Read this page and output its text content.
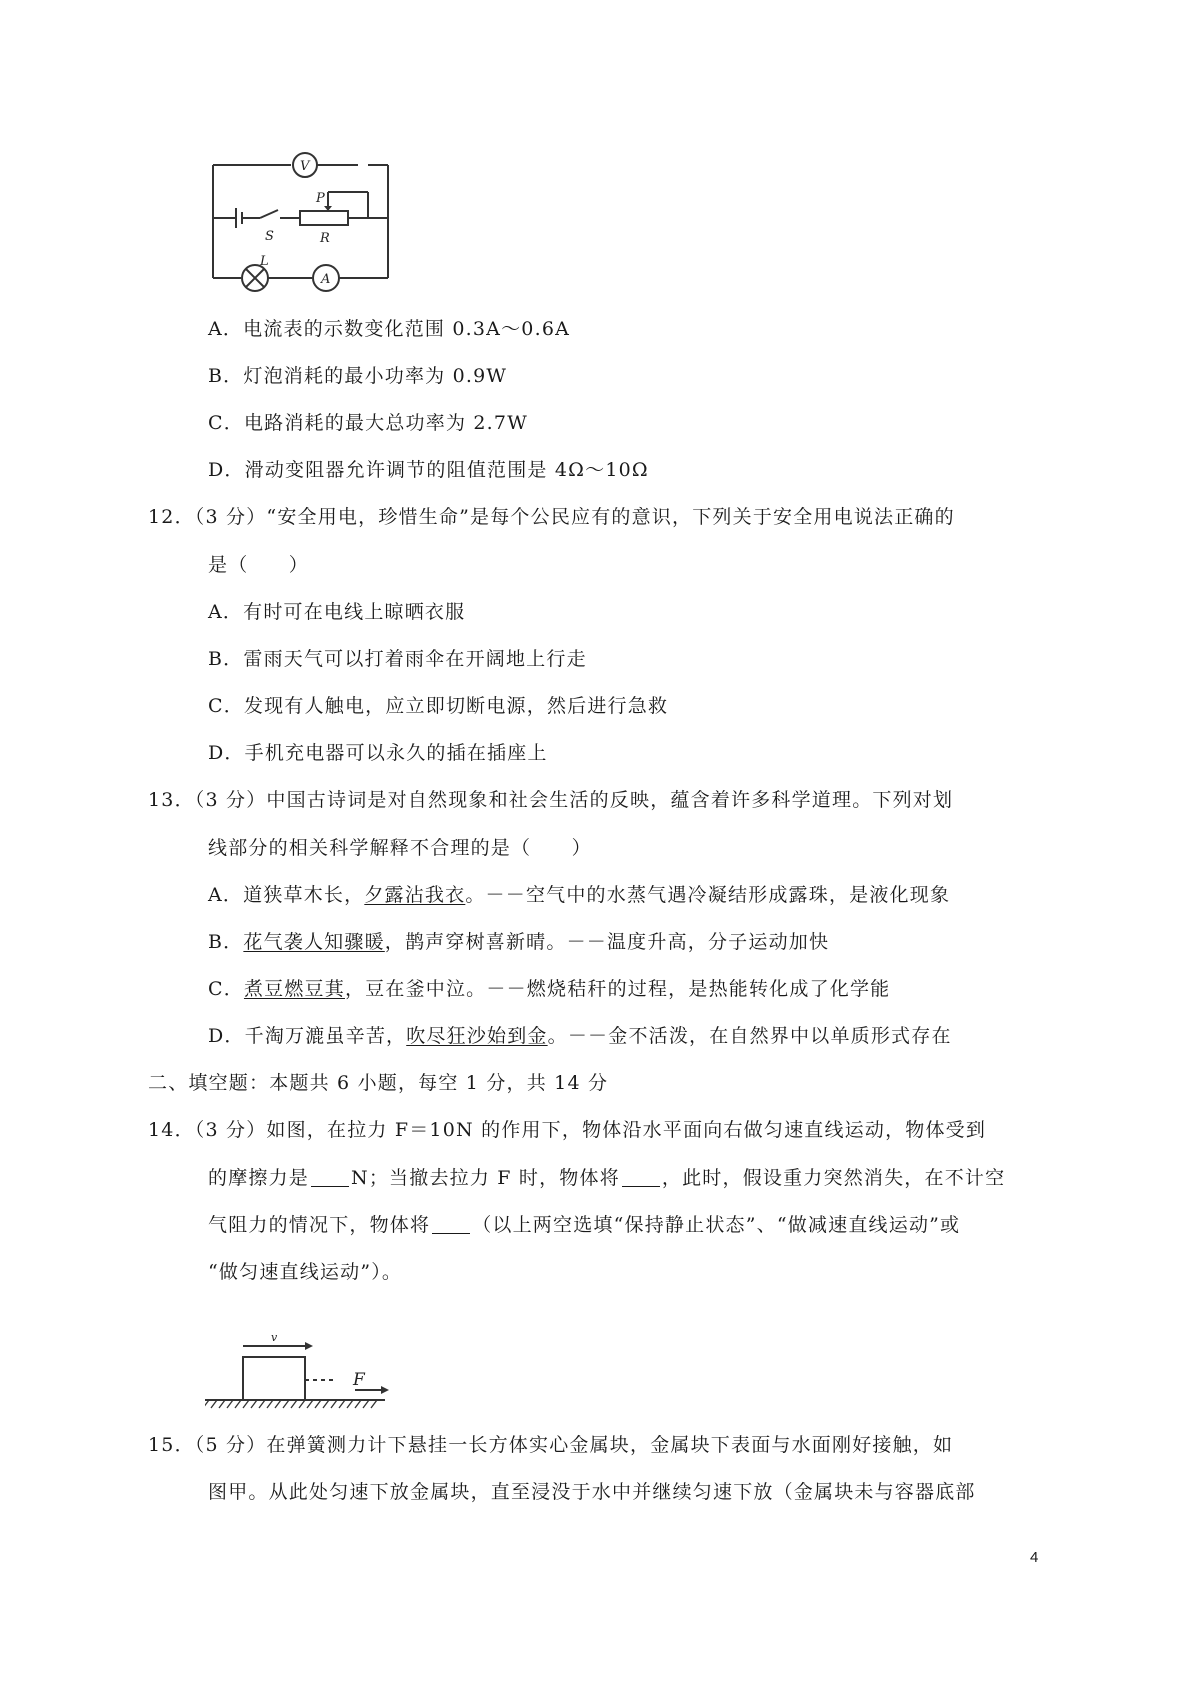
V
S
P
R
L
A
A．电流表的示数变化范围 0.3A～0.6A
B．灯泡消耗的最小功率为 0.9W
C．电路消耗的最大总功率为 2.7W
D．滑动变阻器允许调节的阻值范围是 4Ω～10Ω
12．（3 分）“安全用电，珍惜生命”是每个公民应有的意识，下列关于安全用电说法正确的
是（　　）
A．有时可在电线上晾晒衣服
B．雷雨天气可以打着雨伞在开阔地上行走
C．发现有人触电，应立即切断电源，然后进行急救
D．手机充电器可以永久的插在插座上
13．（3 分）中国古诗词是对自然现象和社会生活的反映，蕴含着许多科学道理。下列对划
线部分的相关科学解释不合理的是（　　）
A．道狭草木长，夕露沾我衣。－－空气中的水蒸气遇冷凝结形成露珠，是液化现象
B．花气袭人知骤暖，鹊声穿树喜新晴。－－温度升高，分子运动加快
C．煮豆燃豆萁，豆在釜中泣。－－燃烧秸秆的过程，是热能转化成了化学能
D．千淘万漉虽辛苦，吹尽狂沙始到金。－－金不活泼，在自然界中以单质形式存在
二、填空题：本题共 6 小题，每空 1 分，共 14 分
14．（3 分）如图，在拉力 F＝10N 的作用下，物体沿水平面向右做匀速直线运动，物体受到
的摩擦力是 N；当撤去拉力 F 时，物体将 ，此时，假设重力突然消失，在不计空
气阻力的情况下，物体将 （以上两空选填“保持静止状态”、“做减速直线运动”或
“做匀速直线运动”）。
v
F
15．（5 分）在弹簧测力计下悬挂一长方体实心金属块，金属块下表面与水面刚好接触，如
图甲。从此处匀速下放金属块，直至浸没于水中并继续匀速下放（金属块未与容器底部
4
